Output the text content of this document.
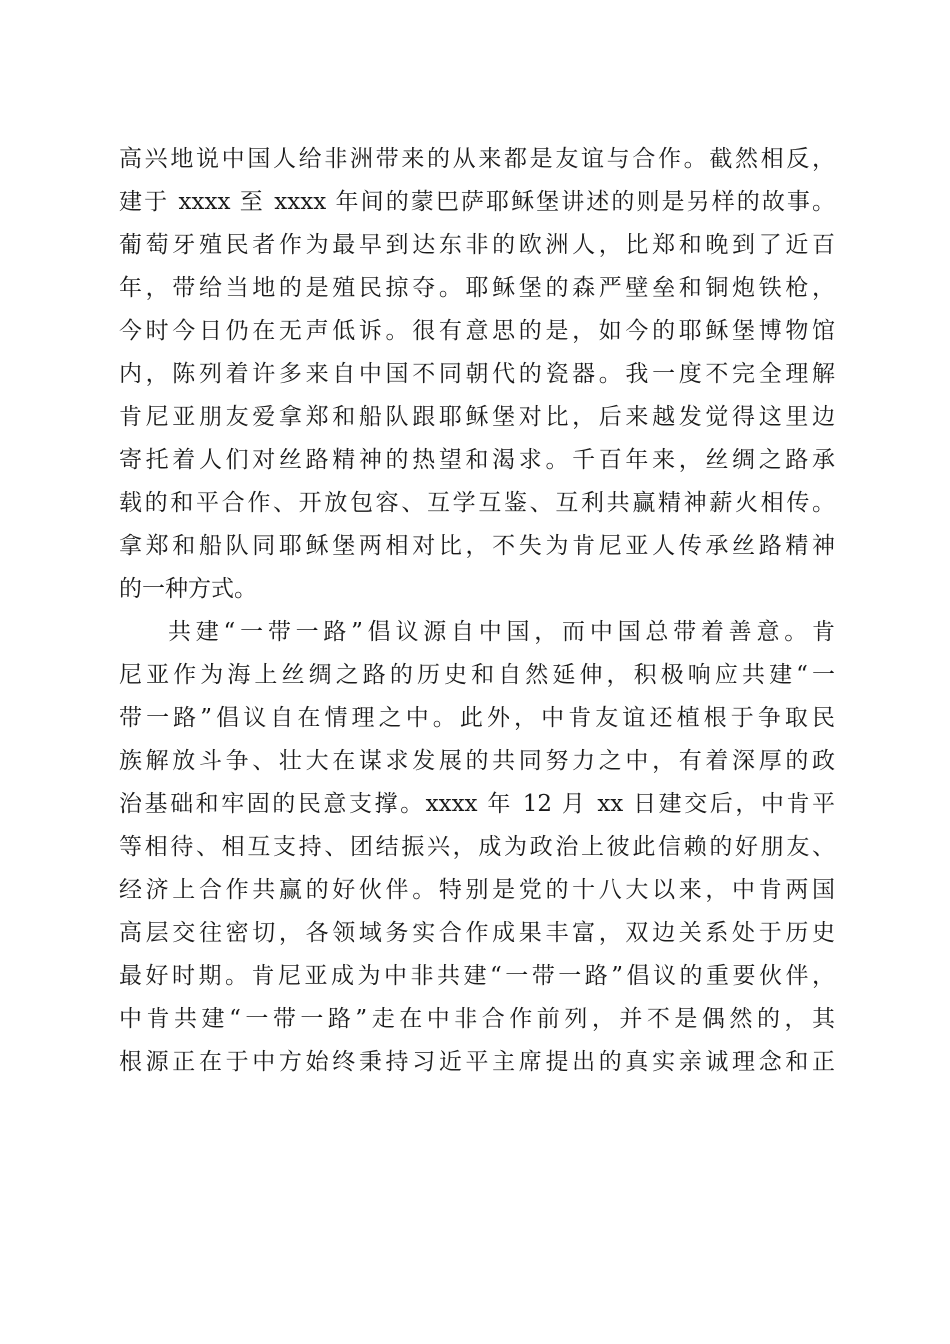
高兴地说中国人给非洲带来的从来都是友谊与合作。截然相反，
建于 xxxx 至 xxxx 年间的蒙巴萨耶稣堡讲述的则是另样的故事。
葡萄牙殖民者作为最早到达东非的欧洲人，比郑和晚到了近百
年，带给当地的是殖民掠夺。耶稣堡的森严壁垒和铜炮铁枪，
今时今日仍在无声低诉。很有意思的是，如今的耶稣堡博物馆
内，陈列着许多来自中国不同朝代的瓷器。我一度不完全理解
肯尼亚朋友爱拿郑和船队跟耶稣堡对比，后来越发觉得这里边
寄托着人们对丝路精神的热望和渴求。千百年来，丝绸之路承
载的和平合作、开放包容、互学互鉴、互利共赢精神薪火相传。
拿郑和船队同耶稣堡两相对比，不失为肯尼亚人传承丝路精神
的一种方式。
共建“一带一路”倡议源自中国，而中国总带着善意。肯
尼亚作为海上丝绸之路的历史和自然延伸，积极响应共建“一
带一路”倡议自在情理之中。此外，中肯友谊还植根于争取民
族解放斗争、壮大在谋求发展的共同努力之中，有着深厚的政
治基础和牢固的民意支撑。xxxx 年 12 月 xx 日建交后，中肯平
等相待、相互支持、团结振兴，成为政治上彼此信赖的好朋友、
经济上合作共赢的好伙伴。特别是党的十八大以来，中肯两国
高层交往密切，各领域务实合作成果丰富，双边关系处于历史
最好时期。肯尼亚成为中非共建“一带一路”倡议的重要伙伴，
中肯共建“一带一路”走在中非合作前列，并不是偶然的，其
根源正在于中方始终秉持习近平主席提出的真实亲诚理念和正
